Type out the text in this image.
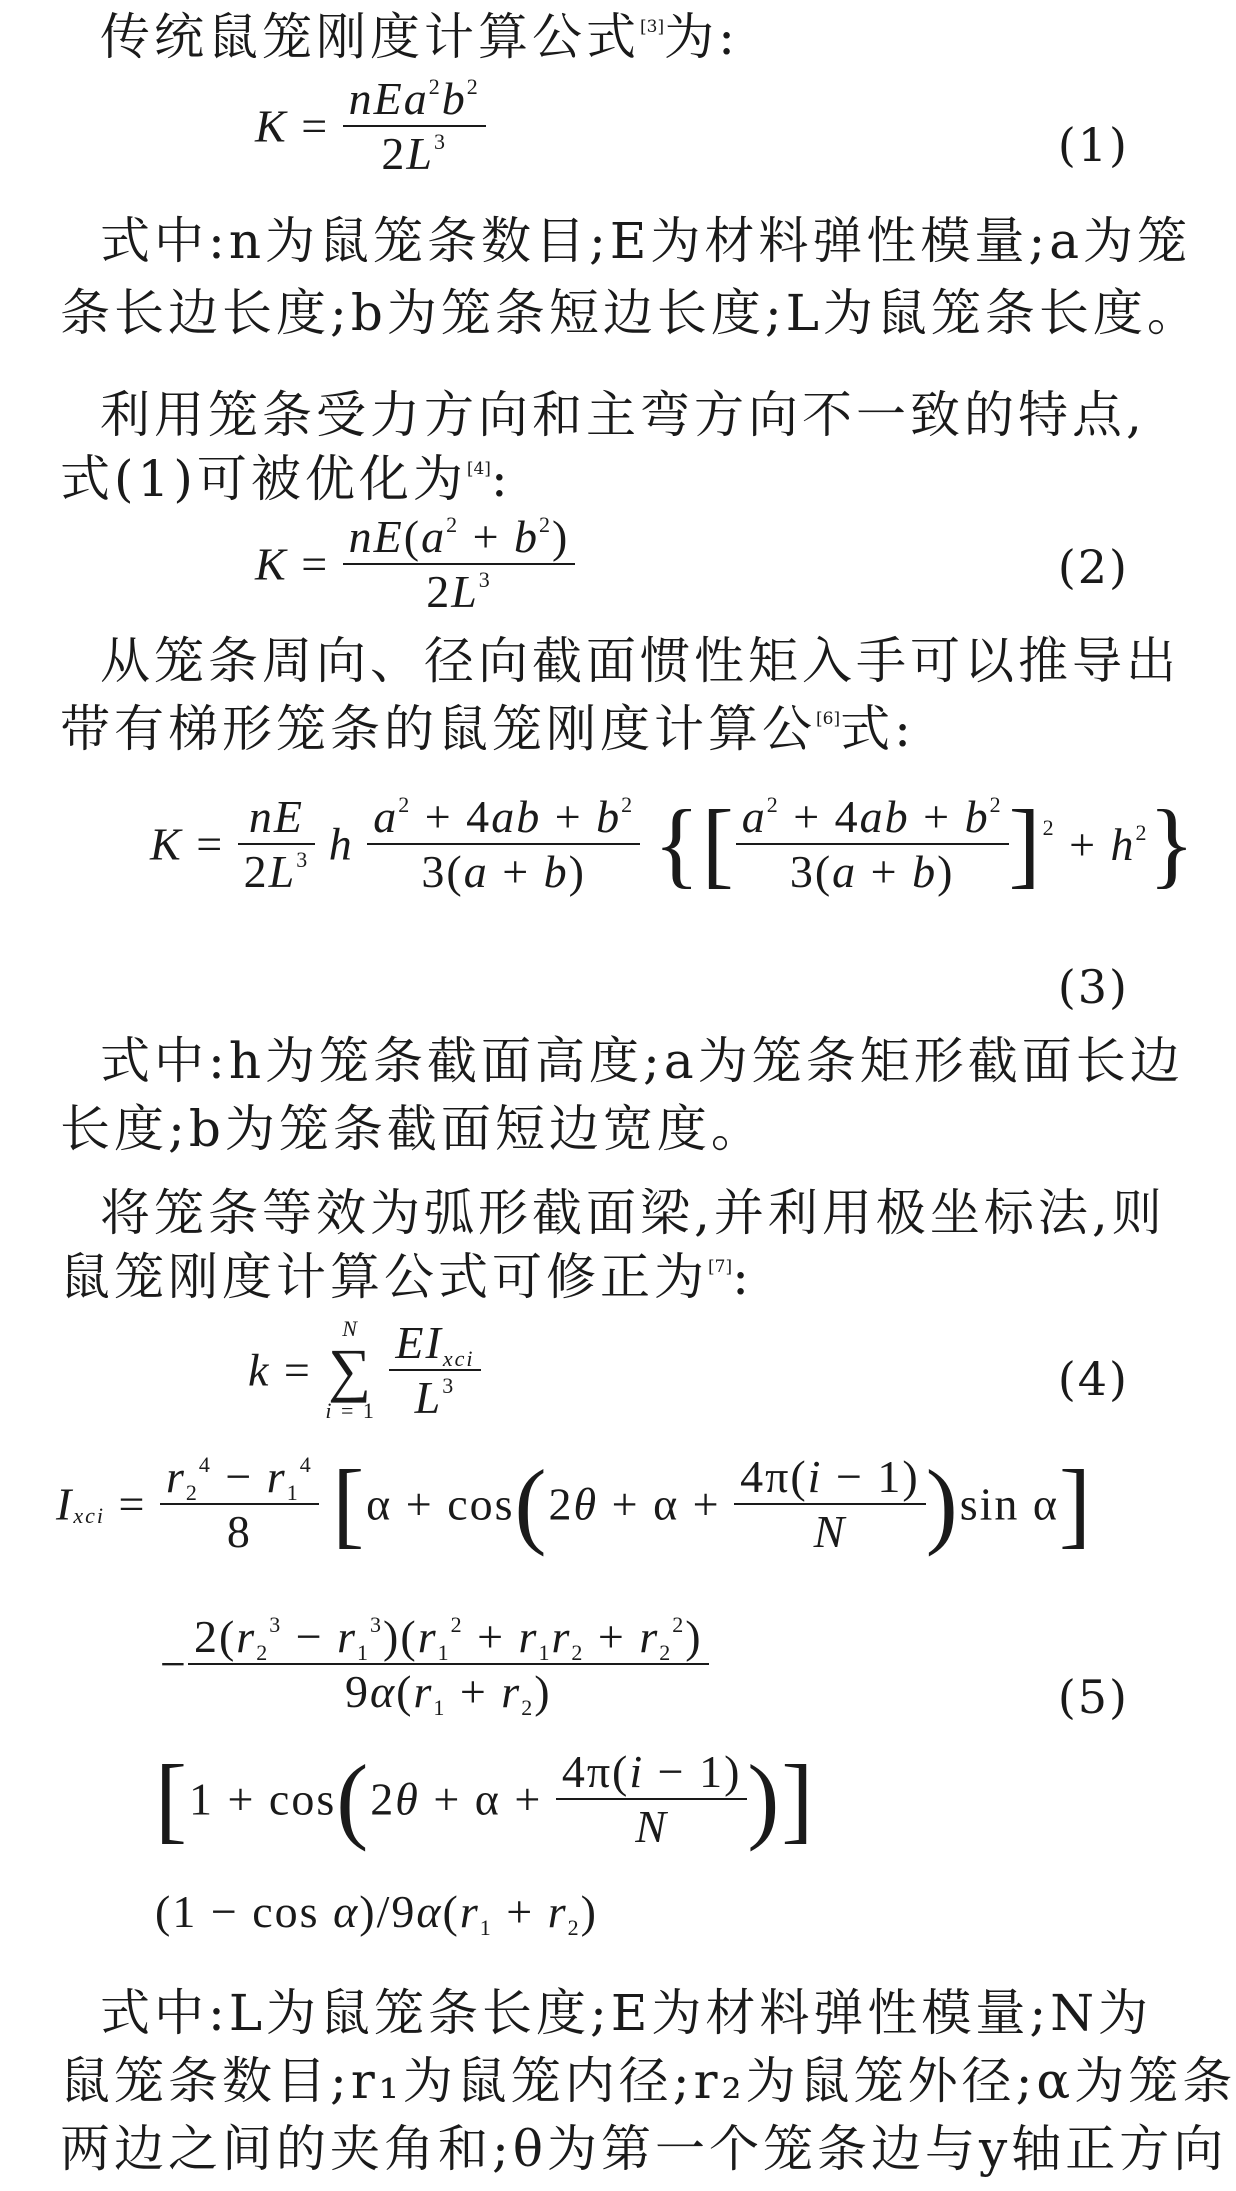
传统鼠笼刚度计算公式[3]为:
$K = \frac{nEa^2b^2}{2L^3}$	(1)
式中:n为鼠笼条数目;E为材料弹性模量;a为笼
条长边长度;b为笼条短边长度;L为鼠笼条长度。
利用笼条受力方向和主弯方向不一致的特点,
式(1)可被优化为[4]:
$K = \frac{nE(a^2 + b^2)}{2L^3}$	(2)
从笼条周向、径向截面惯性矩入手可以推导出
带有梯形笼条的鼠笼刚度计算公[6]式:
$K = \frac{nE}{2L^3}$ h $\frac{a^2 + 4ab + b^2}{3(a + b)}$ {[ $\frac{a^2 + 4ab + b^2}{3(a + b)} ]^2 + h^2$}
(3)
式中:h为笼条截面高度;a为笼条矩形截面长边
长度;b为笼条截面短边宽度。
将笼条等效为弧形截面梁,并利用极坐标法,则
鼠笼刚度计算公式可修正为[7]:
k =
N
∑
i = 1
$\frac{\text{EIxci}}{L^3}$	(4)
Ixci = $\frac{r2^4 - r1^4}{8} [\alpha + \cos(2\theta + \alpha + \frac{4\pi(i - 1)}{N} )\sin$ α]
− $\frac{2(r2^3 - r1^3)(r1^2 + r1r2 + r2^2)}{9\alpha(r1 + r2)}$	(5)
[$1 + \cos(2\theta + \alpha + \frac{4\pi(i - 1)}{N}$ )]
(1 − cos α)/9α(r1 + r2)
式中:L为鼠笼条长度;E为材料弹性模量;N为
鼠笼条数目;r₁为鼠笼内径;r₂为鼠笼外径;α为笼条
两边之间的夹角和;θ为第一个笼条边与y轴正方向
